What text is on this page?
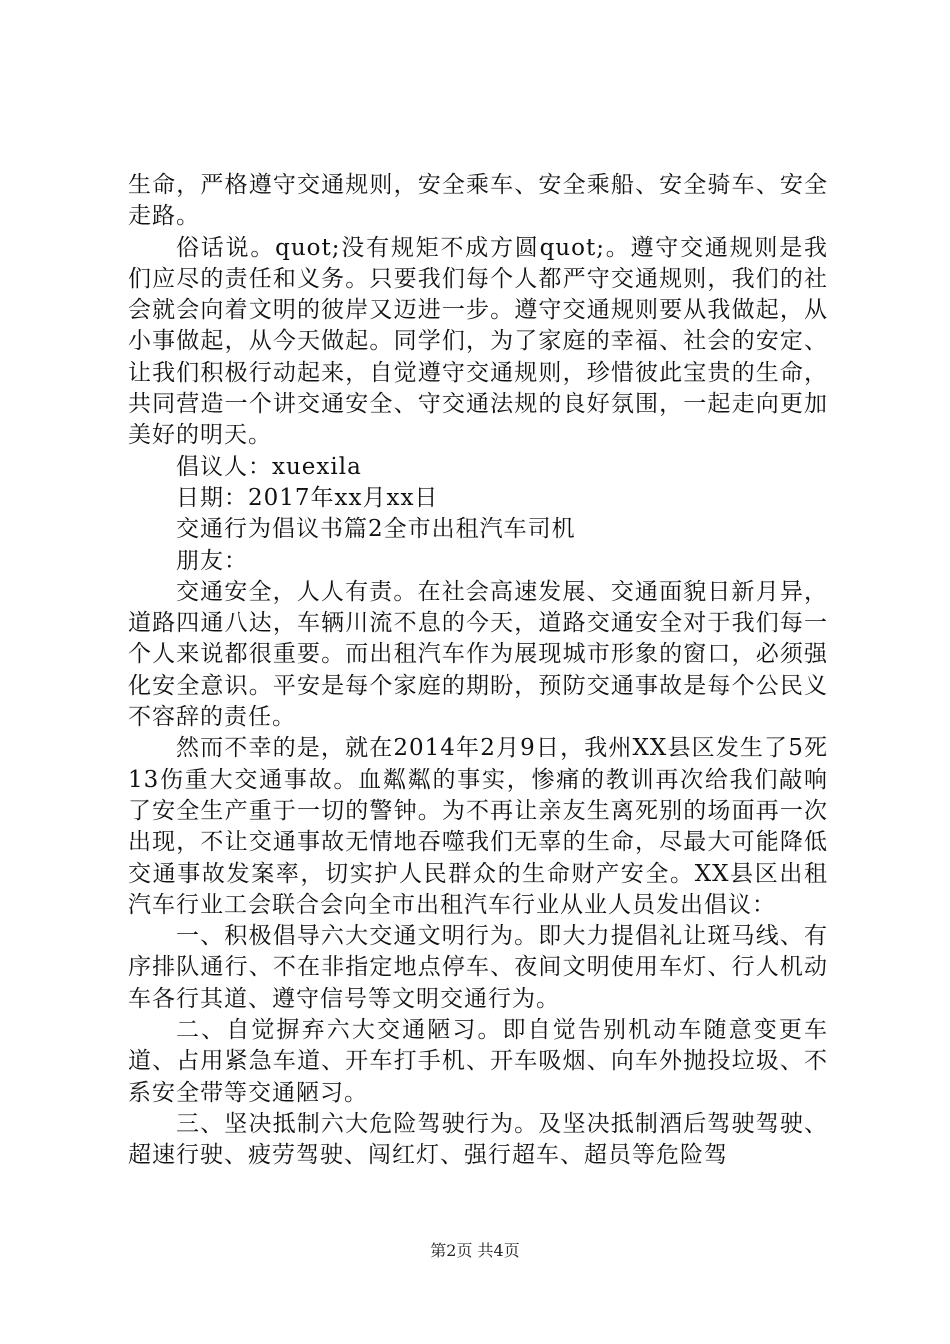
生命，严格遵守交通规则，安全乘车、安全乘船、安全骑车、安全走路。

俗话说。quot;没有规矩不成方圆quot;。遵守交通规则是我们应尽的责任和义务。只要我们每个人都严守交通规则，我们的社会就会向着文明的彼岸又迈进一步。遵守交通规则要从我做起，从小事做起，从今天做起。同学们，为了家庭的幸福、社会的安定、让我们积极行动起来，自觉遵守交通规则，珍惜彼此宝贵的生命，共同营造一个讲交通安全、守交通法规的良好氛围，一起走向更加美好的明天。

倡议人：xuexila

日期：2017年xx月xx日

交通行为倡议书篇2全市出租汽车司机

朋友：

交通安全，人人有责。在社会高速发展、交通面貌日新月异，道路四通八达，车辆川流不息的今天，道路交通安全对于我们每一个人来说都很重要。而出租汽车作为展现城市形象的窗口，必须强化安全意识。平安是每个家庭的期盼，预防交通事故是每个公民义不容辞的责任。

然而不幸的是，就在2014年2月9日，我州XX县区发生了5死13伤重大交通事故。血粼粼的事实，惨痛的教训再次给我们敲响了安全生产重于一切的警钟。为不再让亲友生离死别的场面再一次出现，不让交通事故无情地吞噬我们无辜的生命，尽最大可能降低交通事故发案率，切实护人民群众的生命财产安全。XX县区出租汽车行业工会联合会向全市出租汽车行业从业人员发出倡议：

一、积极倡导六大交通文明行为。即大力提倡礼让斑马线、有序排队通行、不在非指定地点停车、夜间文明使用车灯、行人机动车各行其道、遵守信号等文明交通行为。

二、自觉摒弃六大交通陋习。即自觉告别机动车随意变更车道、占用紧急车道、开车打手机、开车吸烟、向车外抛投垃圾、不系安全带等交通陋习。

三、坚决抵制六大危险驾驶行为。及坚决抵制酒后驾驶驾驶、超速行驶、疲劳驾驶、闯红灯、强行超车、超员等危险驾

第2页 共4页
